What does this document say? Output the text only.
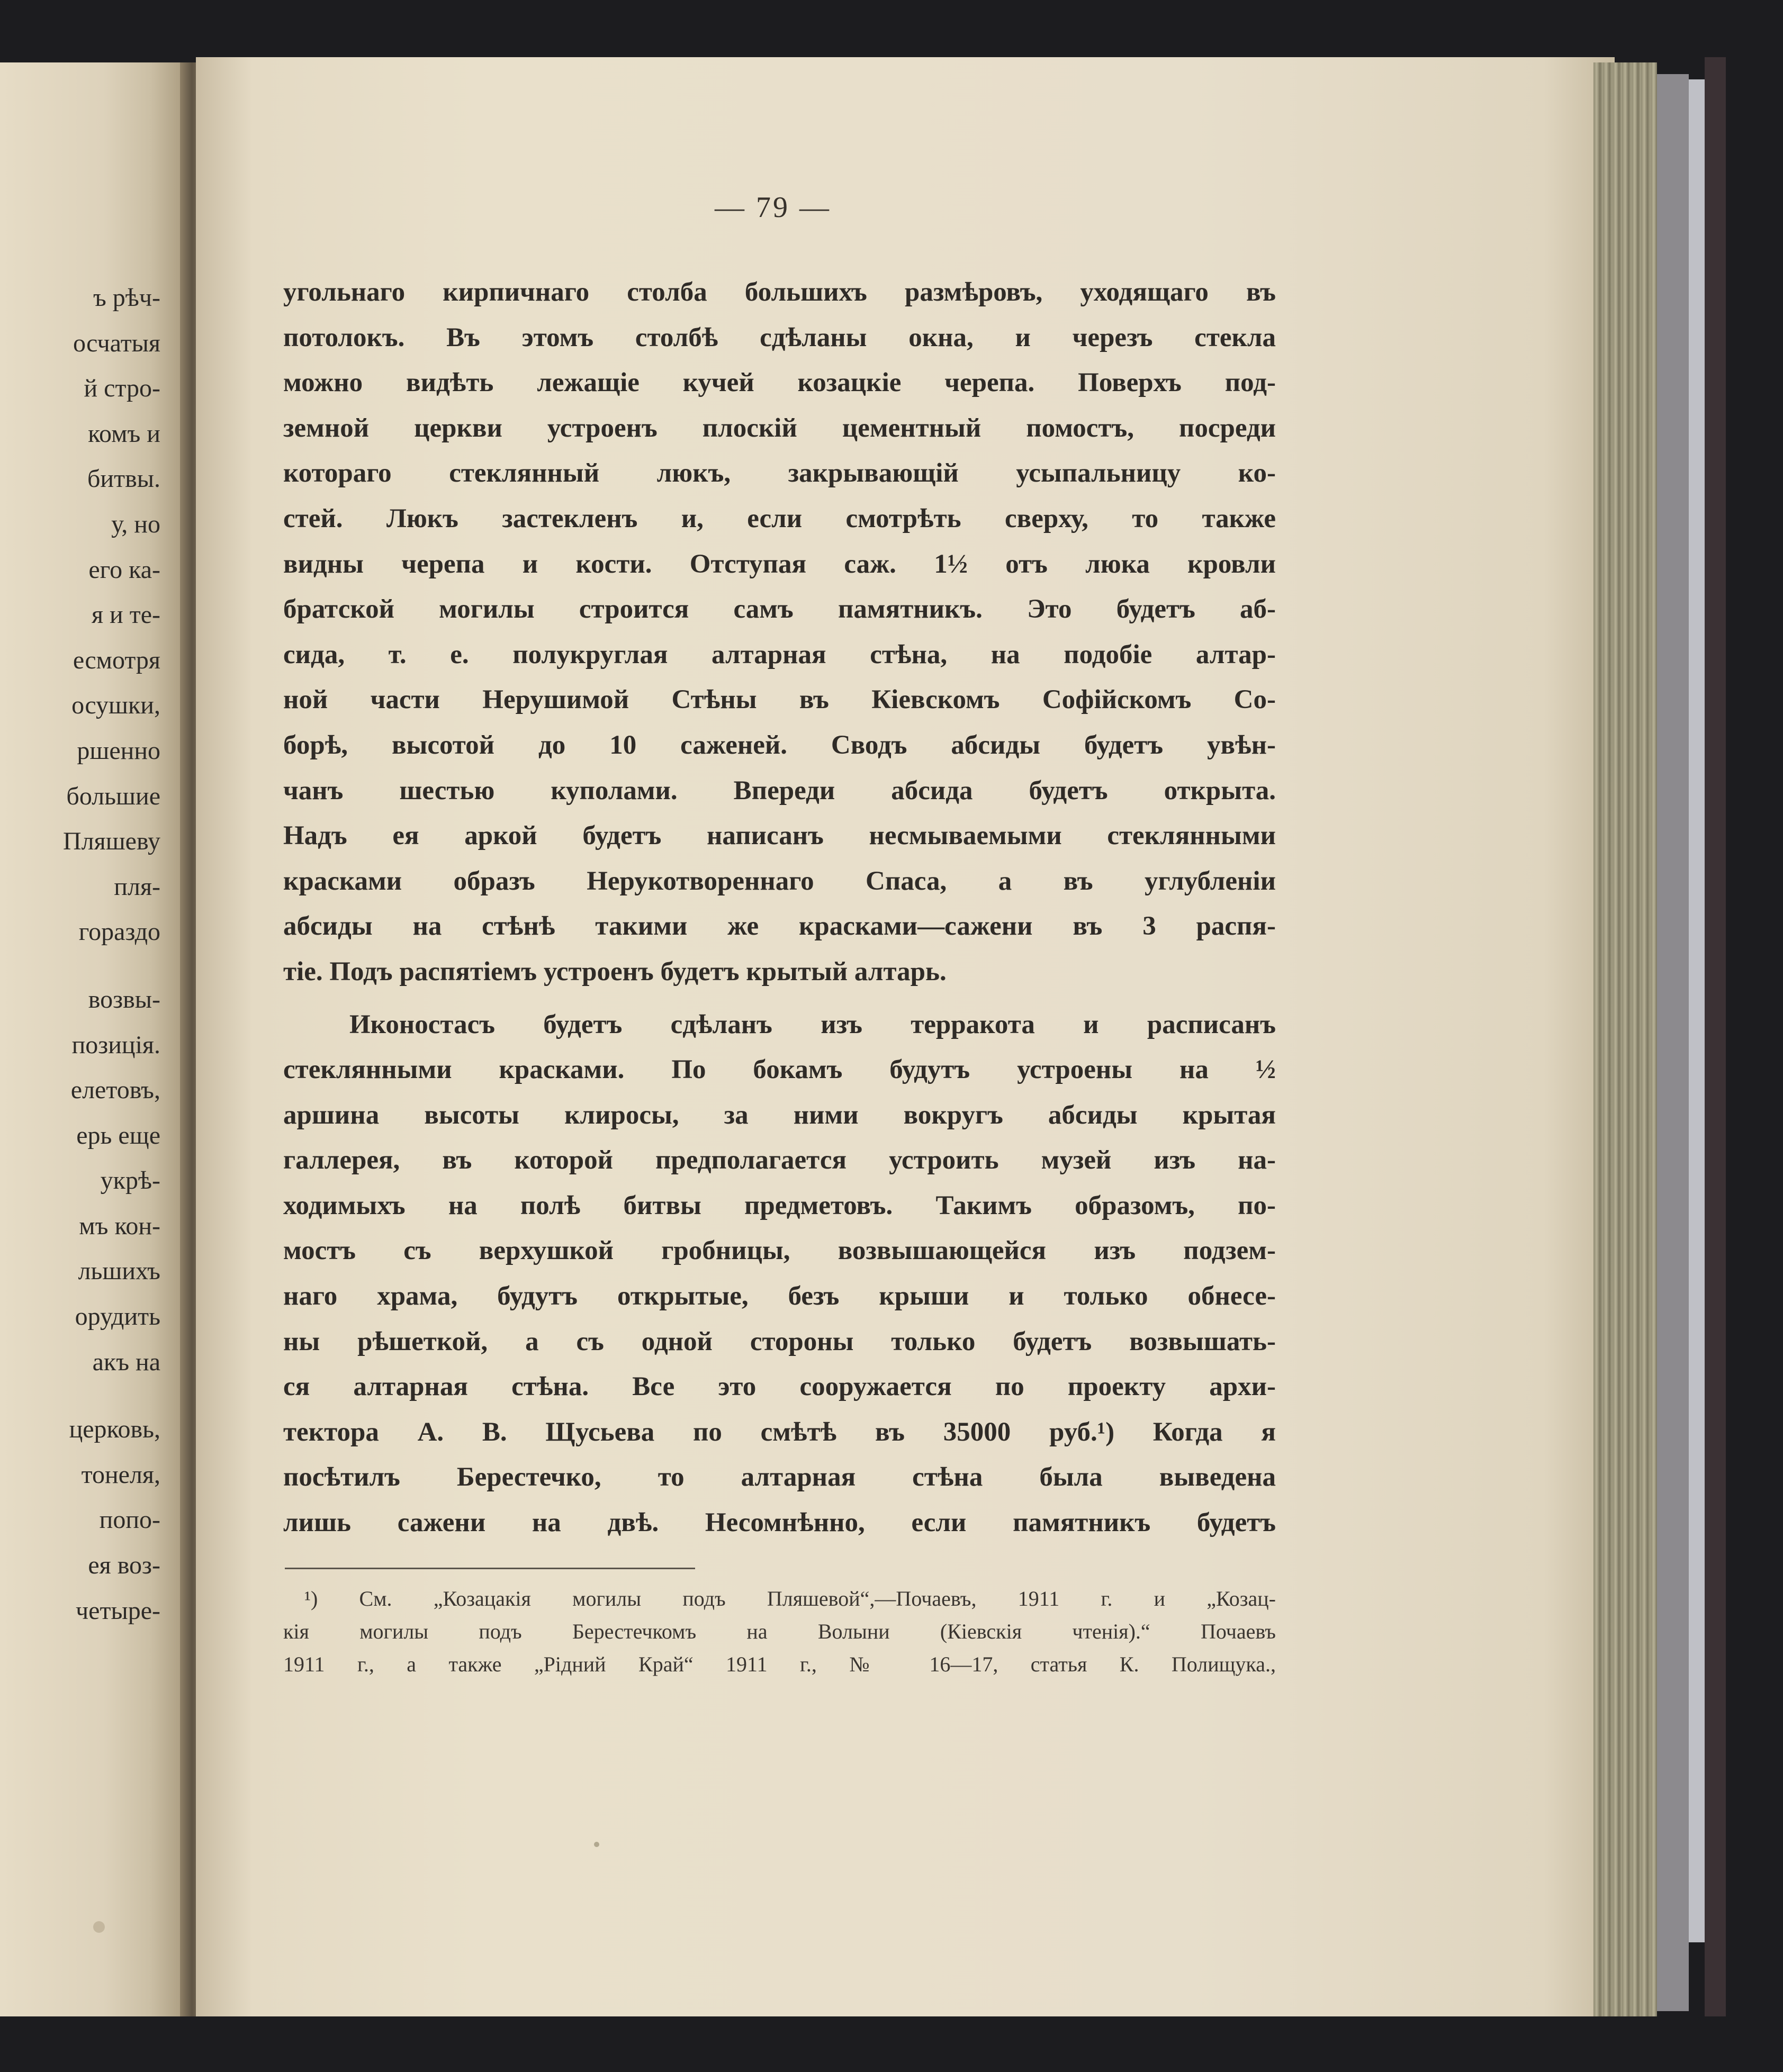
ъ рѣч-
осчатыя
й стро-
комъ и
битвы.
у, но
его ка-
я и те-
есмотря
осушки,
ршенно
большие
Пляшеву
пля-
гораздо
возвы-
позиція.
елетовъ,
ерь еще
укрѣ-
мъ кон-
льшихъ
орудить
акъ на
церковь,
тонеля,
попо-
ея воз-
четыре-
— 79 —
угольнаго кирпичнаго столба большихъ размѣровъ, уходящаго въ
потолокъ. Въ этомъ столбѣ сдѣланы окна, и черезъ стекла
можно видѣть лежащіе кучей козацкіе черепа. Поверхъ под-
земной церкви устроенъ плоскій цементный помостъ, посреди
котораго стеклянный люкъ, закрывающій усыпальницу ко-
стей. Люкъ застекленъ и, если смотрѣть сверху, то также
видны черепа и кости. Отступая саж. 1½ отъ люка кровли
братской могилы строится самъ памятникъ. Это будетъ аб-
сида, т. е. полукруглая алтарная стѣна, на подобіе алтар-
ной части Нерушимой Стѣны въ Кіевскомъ Софійскомъ Со-
борѣ, высотой до 10 саженей. Сводъ абсиды будетъ увѣн-
чанъ шестью куполами. Впереди абсида будетъ открыта.
Надъ ея аркой будетъ написанъ несмываемыми стеклянными
красками образъ Нерукотвореннаго Спаса, а въ углубленіи
абсиды на стѣнѣ такими же красками—сажени въ 3 распя-
тіе. Подъ распятіемъ устроенъ будетъ крытый алтарь.
Иконостасъ будетъ сдѣланъ изъ терракота и расписанъ
стеклянными красками. По бокамъ будутъ устроены на ½
аршина высоты клиросы, за ними вокругъ абсиды крытая
галлерея, въ которой предполагается устроить музей изъ на-
ходимыхъ на полѣ битвы предметовъ. Такимъ образомъ, по-
мостъ съ верхушкой гробницы, возвышающейся изъ подзем-
наго храма, будутъ открытые, безъ крыши и только обнесе-
ны рѣшеткой, а съ одной стороны только будетъ возвышать-
ся алтарная стѣна. Все это сооружается по проекту архи-
тектора А. В. Щусьева по смѣтѣ въ 35000 руб.¹) Когда я
посѣтилъ Берестечко, то алтарная стѣна была выведена
лишь сажени на двѣ. Несомнѣнно, если памятникъ будетъ
¹) См. „Козацакія могилы подъ Пляшевой“,—Почаевъ, 1911 г. и „Козац-
кія могилы подъ Берестечкомъ на Волыни (Кіевскія чтенія).“ Почаевъ
1911 г., а также „Рідний Край“ 1911 г., № 16—17, статья К. Полищука.,
